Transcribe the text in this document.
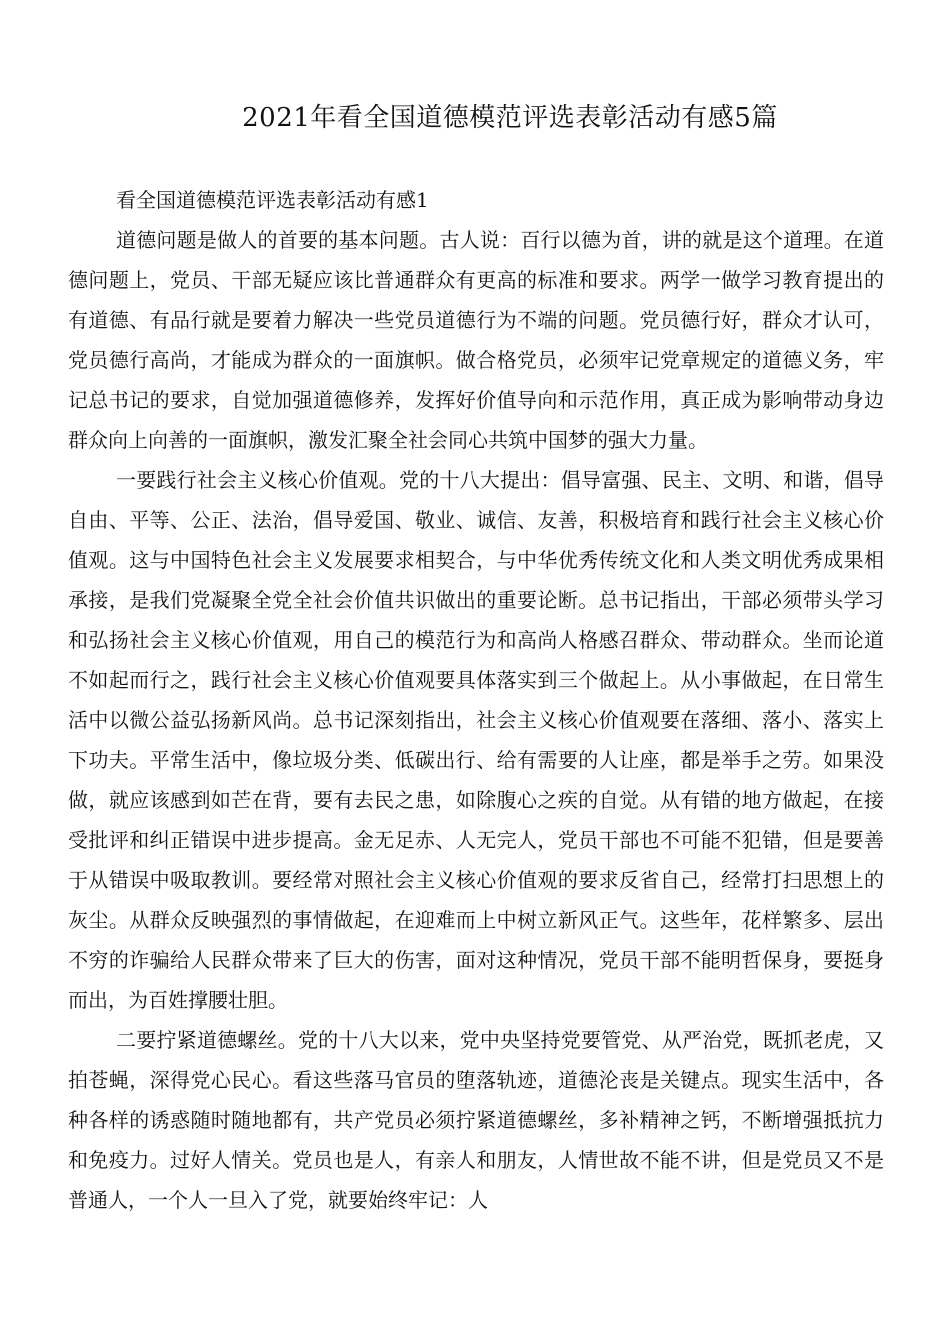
2021年看全国道德模范评选表彰活动有感5篇

看全国道德模范评选表彰活动有感1

道德问题是做人的首要的基本问题。古人说：百行以德为首，讲的就是这个道理。在道德问题上，党员、干部无疑应该比普通群众有更高的标准和要求。两学一做学习教育提出的有道德、有品行就是要着力解决一些党员道德行为不端的问题。党员德行好，群众才认可，党员德行高尚，才能成为群众的一面旗帜。做合格党员，必须牢记党章规定的道德义务，牢记总书记的要求，自觉加强道德修养，发挥好价值导向和示范作用，真正成为影响带动身边群众向上向善的一面旗帜，激发汇聚全社会同心共筑中国梦的强大力量。

一要践行社会主义核心价值观。党的十八大提出：倡导富强、民主、文明、和谐，倡导自由、平等、公正、法治，倡导爱国、敬业、诚信、友善，积极培育和践行社会主义核心价值观。这与中国特色社会主义发展要求相契合，与中华优秀传统文化和人类文明优秀成果相承接，是我们党凝聚全党全社会价值共识做出的重要论断。总书记指出，干部必须带头学习和弘扬社会主义核心价值观，用自己的模范行为和高尚人格感召群众、带动群众。坐而论道不如起而行之，践行社会主义核心价值观要具体落实到三个做起上。从小事做起，在日常生活中以微公益弘扬新风尚。总书记深刻指出，社会主义核心价值观要在落细、落小、落实上下功夫。平常生活中，像垃圾分类、低碳出行、给有需要的人让座，都是举手之劳。如果没做，就应该感到如芒在背，要有去民之患，如除腹心之疾的自觉。从有错的地方做起，在接受批评和纠正错误中进步提高。金无足赤、人无完人，党员干部也不可能不犯错，但是要善于从错误中吸取教训。要经常对照社会主义核心价值观的要求反省自己，经常打扫思想上的灰尘。从群众反映强烈的事情做起，在迎难而上中树立新风正气。这些年，花样繁多、层出不穷的诈骗给人民群众带来了巨大的伤害，面对这种情况，党员干部不能明哲保身，要挺身而出，为百姓撑腰壮胆。

二要拧紧道德螺丝。党的十八大以来，党中央坚持党要管党、从严治党，既抓老虎，又拍苍蝇，深得党心民心。看这些落马官员的堕落轨迹，道德沦丧是关键点。现实生活中，各种各样的诱惑随时随地都有，共产党员必须拧紧道德螺丝，多补精神之钙，不断增强抵抗力和免疫力。过好人情关。党员也是人，有亲人和朋友，人情世故不能不讲，但是党员又不是普通人，一个人一旦入了党，就要始终牢记：人
